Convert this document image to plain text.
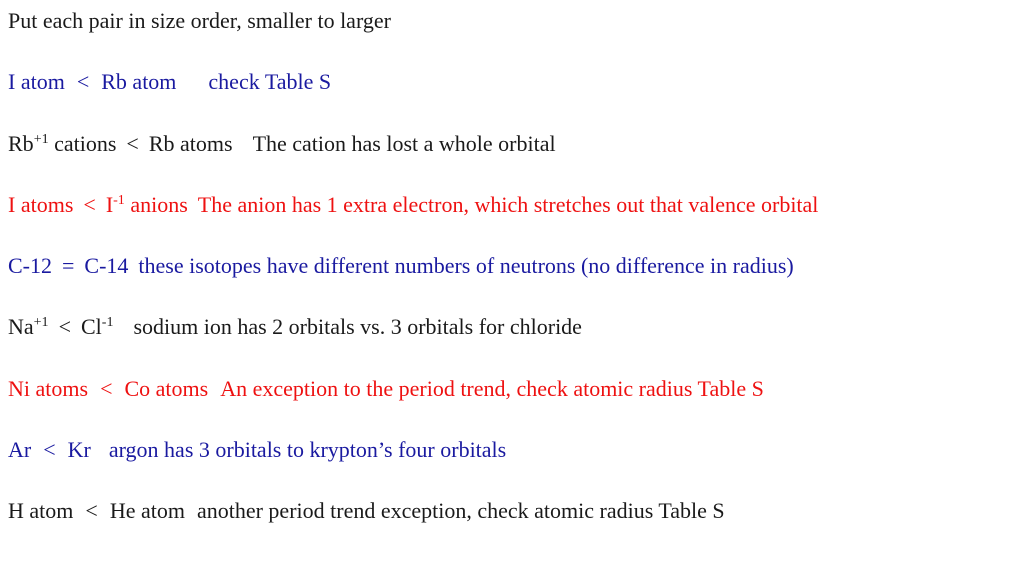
Put each pair in size order, smaller to larger
I atom < Rb atom check Table S
$Rb^{+1}$ cations < Rb atoms The cation has lost a whole orbital
I atoms < $I^{-1}$ anions The anion has 1 extra electron, which stretches out that valence orbital
C-12 = C-14 these isotopes have different numbers of neutrons (no difference in radius)
$Na^{+1} < Cl^{-1}$ sodium ion has 2 orbitals vs. 3 orbitals for chloride
Ni atoms < Co atoms An exception to the period trend, check atomic radius Table S
Ar < Kr argon has 3 orbitals to krypton’s four orbitals
H atom < He atom another period trend exception, check atomic radius Table S
